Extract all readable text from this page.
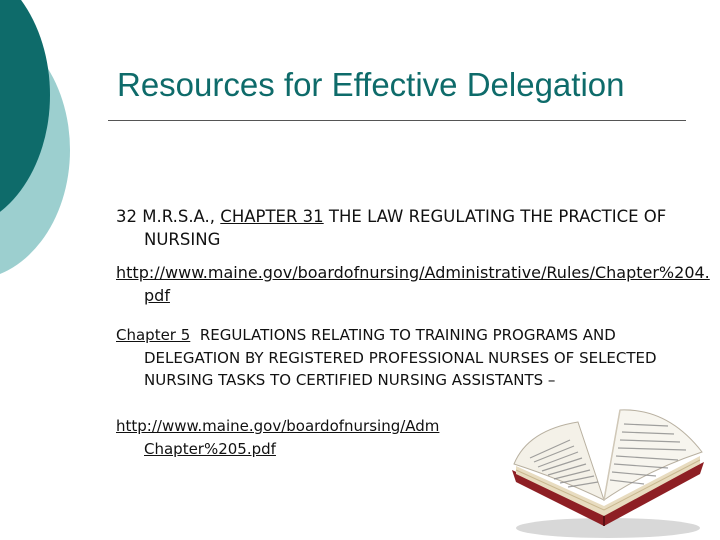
Resources for Effective Delegation

32 M.R.S.A., CHAPTER 31 THE LAW REGULATING THE PRACTICE OF NURSING

http://www.maine.gov/boardofnursing/Administrative/Rules/Chapter%204.pdf

Chapter 5  REGULATIONS RELATING TO TRAINING PROGRAMS AND DELEGATION BY REGISTERED PROFESSIONAL NURSES OF SELECTED NURSING TASKS TO CERTIFIED NURSING ASSISTANTS –

http://www.maine.gov/boardofnursing/Adm
Chapter%205.pdf
